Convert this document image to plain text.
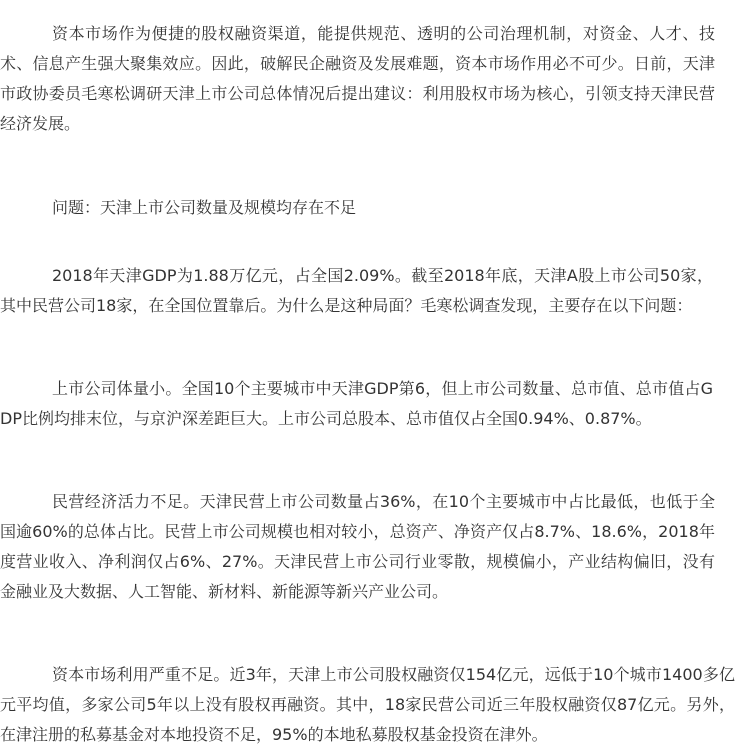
资本市场作为便捷的股权融资渠道，能提供规范、透明的公司治理机制，对资金、人才、技术、信息产生强大聚集效应。因此，破解民企融资及发展难题，资本市场作用必不可少。日前，天津市政协委员毛寒松调研天津上市公司总体情况后提出建议：利用股权市场为核心，引领支持天津民营经济发展。

问题：天津上市公司数量及规模均存在不足

2018年天津GDP为1.88万亿元，占全国2.09%。截至2018年底，天津A股上市公司50家，其中民营公司18家，在全国位置靠后。为什么是这种局面？毛寒松调查发现，主要存在以下问题：

上市公司体量小。全国10个主要城市中天津GDP第6，但上市公司数量、总市值、总市值占GDP比例均排末位，与京沪深差距巨大。上市公司总股本、总市值仅占全国0.94%、0.87%。

民营经济活力不足。天津民营上市公司数量占36%，在10个主要城市中占比最低，也低于全国逾60%的总体占比。民营上市公司规模也相对较小，总资产、净资产仅占8.7%、18.6%，2018年度营业收入、净利润仅占6%、27%。天津民营上市公司行业零散，规模偏小，产业结构偏旧，没有金融业及大数据、人工智能、新材料、新能源等新兴产业公司。

资本市场利用严重不足。近3年，天津上市公司股权融资仅154亿元，远低于10个城市1400多亿元平均值，多家公司5年以上没有股权再融资。其中，18家民营公司近三年股权融资仅87亿元。另外，在津注册的私募基金对本地投资不足，95%的本地私募股权基金投资在津外。
